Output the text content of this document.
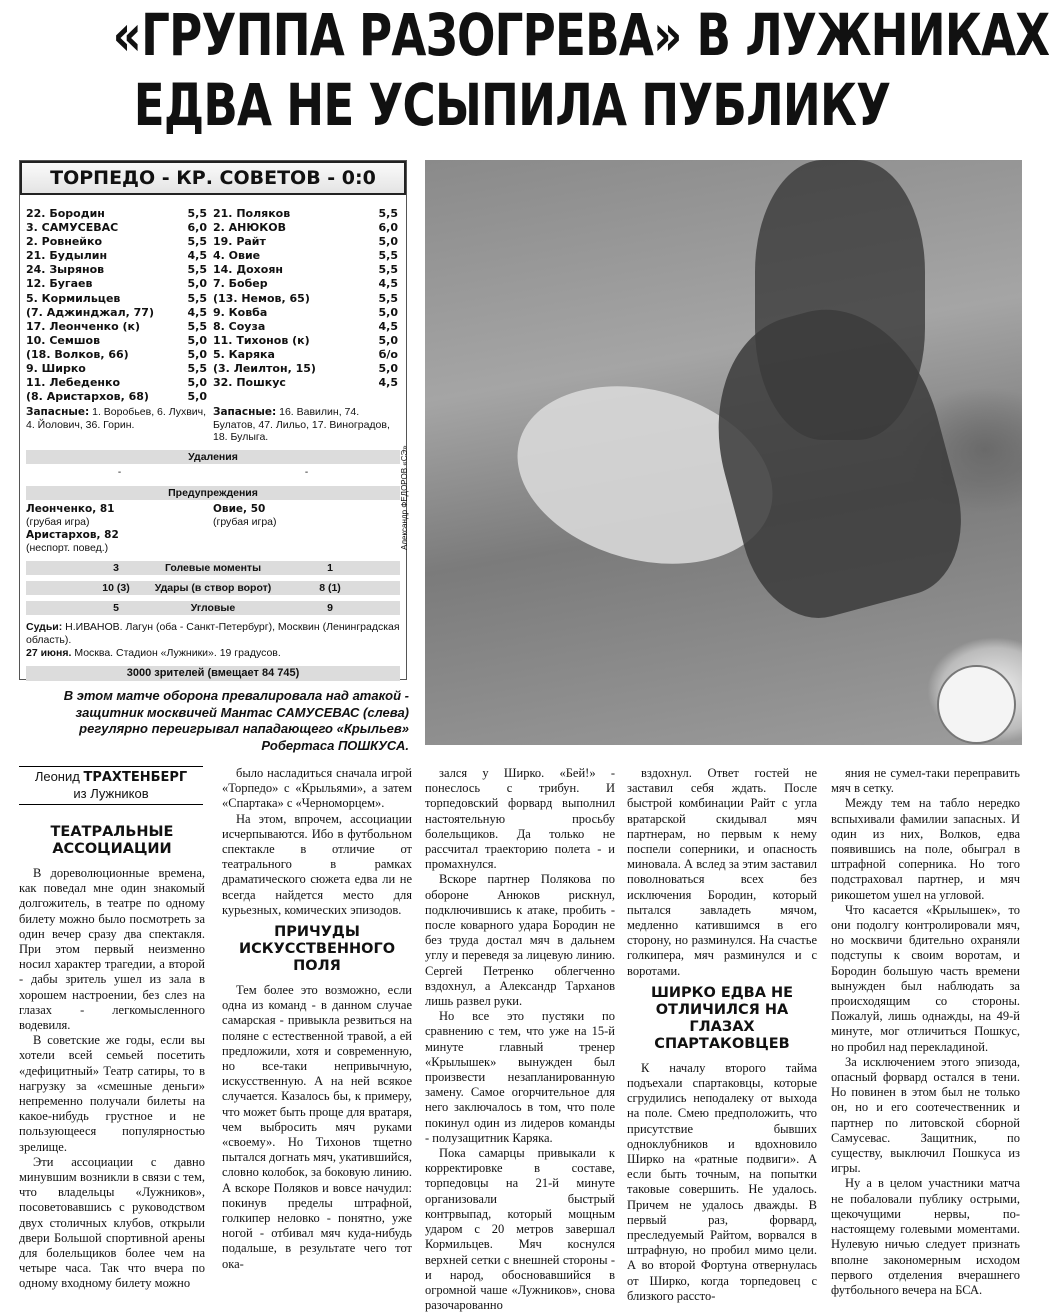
«ГРУППА РАЗОГРЕВА» В ЛУЖНИКАХ
ЕДВА НЕ УСЫПИЛА ПУБЛИКУ
ТОРПЕДО - КР. СОВЕТОВ - 0:0
22. Бородин	5,5
3. САМУСЕВАС	6,0
2. Ровнейко	5,5
21. Будылин	4,5
24. Зырянов	5,5
12. Бугаев	5,0
5. Кормильцев	5,5
(7. Аджинджал, 77)	4,5
17. Леонченко (к)	5,5
10. Семшов	5,0
(18. Волков, 66)	5,0
9. Ширко	5,5
11. Лебеденко	5,0
(8. Аристархов, 68)	5,0
21. Поляков	5,5
2. АНЮКОВ	6,0
19. Райт	5,0
4. Овие	5,5
14. Дохоян	5,5
7. Бобер	4,5
(13. Немов, 65)	5,5
9. Ковба	5,0
8. Соуза	4,5
11. Тихонов (к)	5,0
5. Каряка	б/о
(3. Леилтон, 15)	5,0
32. Пошкус	4,5
Запасные: 1. Воробьев, 6. Лухвич, 4. Йолович, 36. Горин.
Запасные: 16. Вавилин, 74. Булатов, 47. Лильо, 17. Виноградов, 18. Булыга.
Удаления
-	-
Предупреждения
Леонченко, 81
(грубая игра)
Аристархов, 82
(неспорт. повед.)
Овие, 50
(грубая игра)
3	Голевые моменты	1
10 (3)	Удары (в створ ворот)	8 (1)
5	Угловые	9
Судьи: Н.ИВАНОВ. Лагун (оба - Санкт-Петербург), Москвин (Ленинградская область).
27 июня. Москва. Стадион «Лужники». 19 градусов.
3000 зрителей (вмещает 84 745)
Александр ФЕДОРОВ «СЭ»
В этом матче оборона превалировала над атакой - защитник москвичей Мантас САМУСЕВАС (слева) регулярно переигрывал нападающего «Крыльев» Робертаса ПОШКУСА.
Леонид ТРАХТЕНБЕРГ
из Лужников
ТЕАТРАЛЬНЫЕ АССОЦИАЦИИ

В дореволюционные времена, как поведал мне один знакомый долгожитель, в театре по одному билету можно было посмотреть за один вечер сразу два спектакля. При этом первый неизменно носил характер трагедии, а второй - дабы зритель ушел из зала в хорошем настроении, без слез на глазах - легкомысленного водевиля.

В советские же годы, если вы хотели всей семьей посетить «дефицитный» Театр сатиры, то в нагрузку за «смешные деньги» непременно получали билеты на какое-нибудь грустное и не пользующееся популярностью зрелище.

Эти ассоциации с давно минувшим возникли в связи с тем, что владельцы «Лужников», посоветовавшись с руководством двух столичных клубов, открыли двери Большой спортивной арены для болельщиков более чем на четыре часа. Так что вчера по одному входному билету можно

было насладиться сначала игрой «Торпедо» с «Крыльями», а затем «Спартака» с «Черноморцем».

На этом, впрочем, ассоциации исчерпываются. Ибо в футбольном спектакле в отличие от театрального в рамках драматического сюжета едва ли не всегда найдется место для курьезных, комических эпизодов.

ПРИЧУДЫ ИСКУССТВЕННОГО ПОЛЯ

Тем более это возможно, если одна из команд - в данном случае самарская - привыкла резвиться на поляне с естественной травой, а ей предложили, хотя и современную, но все-таки непривычную, искусственную. А на ней всякое случается. Казалось бы, к примеру, что может быть проще для вратаря, чем выбросить мяч руками «своему». Но Тихонов тщетно пытался догнать мяч, укатившийся, словно колобок, за боковую линию. А вскоре Поляков и вовсе начудил: покинув пределы штрафной, голкипер неловко - понятно, уже ногой - отбивал мяч куда-нибудь подальше, в результате чего тот ока-

зался у Ширко. «Бей!» - понеслось с трибун. И торпедовский форвард выполнил настоятельную просьбу болельщиков. Да только не рассчитал траекторию полета - и промахнулся.

Вскоре партнер Полякова по обороне Анюков рискнул, подключившись к атаке, пробить - после коварного удара Бородин не без труда достал мяч в дальнем углу и переведя за лицевую линию. Сергей Петренко облегченно вздохнул, а Александр Тарханов лишь развел руки.

Но все это пустяки по сравнению с тем, что уже на 15-й минуте главный тренер «Крылышек» вынужден был произвести незапланированную замену. Самое огорчительное для него заключалось в том, что поле покинул один из лидеров команды - полузащитник Каряка.

Пока самарцы привыкали к корректировке в составе, торпедовцы на 21-й минуте организовали быстрый контрвыпад, который мощным ударом с 20 метров завершал Кормильцев. Мяч коснулся верхней сетки с внешней стороны - и народ, обосновавшийся в огромной чаше «Лужников», снова разочарованно

вздохнул. Ответ гостей не заставил себя ждать. После быстрой комбинации Райт с угла вратарской скидывал мяч партнерам, но первым к нему поспели соперники, и опасность миновала. А вслед за этим заставил поволноваться всех без исключения Бородин, который пытался завладеть мячом, медленно катившимся в его сторону, но разминулся. На счастье голкипера, мяч разминулся и с воротами.

ШИРКО ЕДВА НЕ ОТЛИЧИЛСЯ НА ГЛАЗАХ СПАРТАКОВЦЕВ

К началу второго тайма подъехали спартаковцы, которые сгрудились неподалеку от выхода на поле. Смею предположить, что присутствие бывших одноклубников и вдохновило Ширко на «ратные подвиги». А если быть точным, на попытки таковые совершить. Не удалось. Причем не удалось дважды. В первый раз, форвард, преследуемый Райтом, ворвался в штрафную, но пробил мимо цели. А во второй Фортуна отвернулась от Ширко, когда торпедовец с близкого рассто-

яния не сумел-таки переправить мяч в сетку.

Между тем на табло нередко вспыхивали фамилии запасных. И один из них, Волков, едва появившись на поле, обыграл в штрафной соперника. Но того подстраховал партнер, и мяч рикошетом ушел на угловой.

Что касается «Крылышек», то они подолгу контролировали мяч, но москвичи бдительно охраняли подступы к своим воротам, и Бородин большую часть времени вынужден был наблюдать за происходящим со стороны. Пожалуй, лишь однажды, на 49-й минуте, мог отличиться Пошкус, но пробил над перекладиной.

За исключением этого эпизода, опасный форвард остался в тени. Но повинен в этом был не только он, но и его соотечественник и партнер по литовской сборной Самусевас. Защитник, по существу, выключил Пошкуса из игры.

Ну а в целом участники матча не побаловали публику острыми, щекочущими нервы, по-настоящему голевыми моментами. Нулевую ничью следует признать вполне закономерным исходом первого отделения вчерашнего футбольного вечера на БСА.
